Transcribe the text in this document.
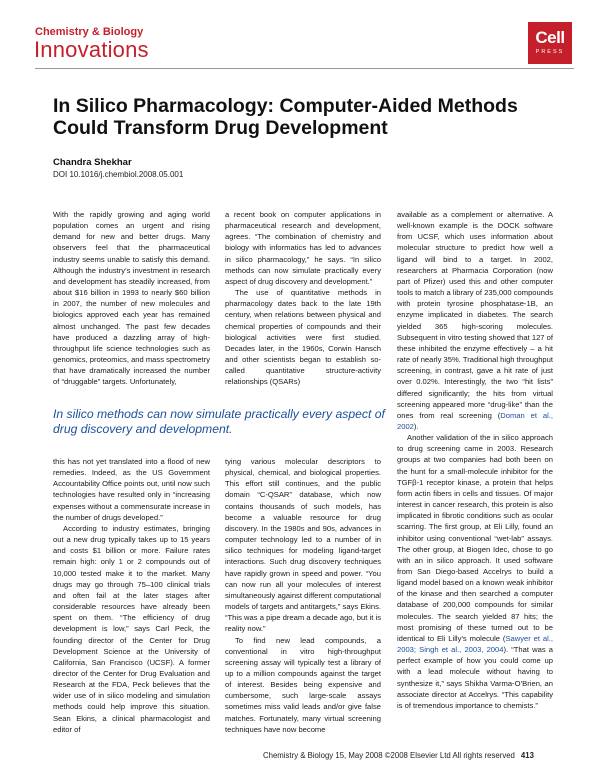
Chemistry & Biology
Innovations	Cell
PRESS
In Silico Pharmacology: Computer-Aided Methods
Could Transform Drug Development
Chandra Shekhar
DOI 10.1016/j.chembiol.2008.05.001

With the rapidly growing and aging world population comes an urgent and rising demand for new and better drugs. Many observers feel that the pharmaceutical industry seems unable to satisfy this demand. Although the industry’s investment in research and development has steadily increased, from about $16 billion in 1993 to nearly $60 billion in 2007, the number of new molecules and biologics approved each year has remained almost unchanged. The past few decades have produced a dazzling array of high-throughput life science technologies such as genomics, proteomics, and mass spectrometry that have dramatically increased the number of “druggable” targets. Unfortunately,

a recent book on computer applications in pharmaceutical research and development, agrees. “The combination of chemistry and biology with informatics has led to advances in silico pharmacology,” he says. “In silico methods can now simulate practically every aspect of drug discovery and development.”

The use of quantitative methods in pharmacology dates back to the late 19th century, when relations between physical and chemical properties of compounds and their biological activities were first studied. Decades later, in the 1960s, Corwin Hansch and other scientists began to establish so-called quantitative structure-activity relationships (QSARs)

available as a complement or alternative. A well-known example is the DOCK software from UCSF, which uses information about molecular structure to predict how well a ligand will bind to a target. In 2002, researchers at Pharmacia Corporation (now part of Pfizer) used this and other computer tools to match a library of 235,000 compounds with protein tyrosine phosphatase-1B, an enzyme implicated in diabetes. The search yielded 365 high-scoring molecules. Subsequent in vitro testing showed that 127 of these inhibited the enzyme effectively – a hit rate of nearly 35%. Traditional high throughput screening, in contrast, gave a hit rate of just over 0.02%. Interestingly, the two “hit lists” differed significantly; the hits from virtual screening appeared more “drug-like” than the ones from real screening (Doman et al., 2002).

Another validation of the in silico approach to drug screening came in 2003. Research groups at two companies had both been on the hunt for a small-molecule inhibitor for the TGFβ-1 receptor kinase, a protein that helps form actin fibers in cells and tissues. Of major interest in cancer research, this protein is also implicated in fibrotic conditions such as ocular scarring. The first group, at Eli Lilly, found an inhibitor using conventional “wet-lab” assays. The other group, at Biogen Idec, chose to go with an in silico approach. It used software from San Diego-based Accelrys to build a ligand model based on a known weak inhibitor of the kinase and then searched a computer database of 200,000 compounds for similar molecules. The search yielded 87 hits; the most promising of these turned out to be identical to Eli Lilly’s molecule (Sawyer et al., 2003; Singh et al., 2003, 2004). “That was a perfect example of how you could come up with a lead molecule without having to synthesize it,” says Shikha Varma-O’Brien, an associate director at Accelrys. “This capability is of tremendous importance to chemists.”

In silico methods can now simulate practically every aspect of
drug discovery and development.

this has not yet translated into a flood of new remedies. Indeed, as the US Government Accountability Office points out, until now such technologies have resulted only in “increasing expenses without a commensurate increase in the number of drugs developed.”

According to industry estimates, bringing out a new drug typically takes up to 15 years and costs $1 billion or more. Failure rates remain high: only 1 or 2 compounds out of 10,000 tested make it to the market. Many drugs may go through 75–100 clinical trials and often fail at the later stages after considerable resources have already been spent on them. “The efficiency of drug development is low,” says Carl Peck, the founding director of the Center for Drug Development Science at the University of California, San Francisco (UCSF). A former director of the Center for Drug Evaluation and Research at the FDA, Peck believes that the wider use of in silico modeling and simulation methods could help improve this situation. Sean Ekins, a clinical pharmacologist and editor of

tying various molecular descriptors to physical, chemical, and biological properties. This effort still continues, and the public domain “C-QSAR” database, which now contains thousands of such models, has become a valuable resource for drug discovery. In the 1980s and 90s, advances in computer technology led to a number of in silico techniques for modeling ligand-target interactions. Such drug discovery techniques have rapidly grown in speed and power. “You can now run all your molecules of interest simultaneously against different computational models of targets and antitargets,” says Ekins. “This was a pipe dream a decade ago, but it is reality now.”

To find new lead compounds, a conventional in vitro high-throughput screening assay will typically test a library of up to a million compounds against the target of interest. Besides being expensive and cumbersome, such large-scale assays sometimes miss valid leads and/or give false matches. Fortunately, many virtual screening techniques have now become

Chemistry & Biology 15, May 2008 ©2008 Elsevier Ltd All rights reserved 413
